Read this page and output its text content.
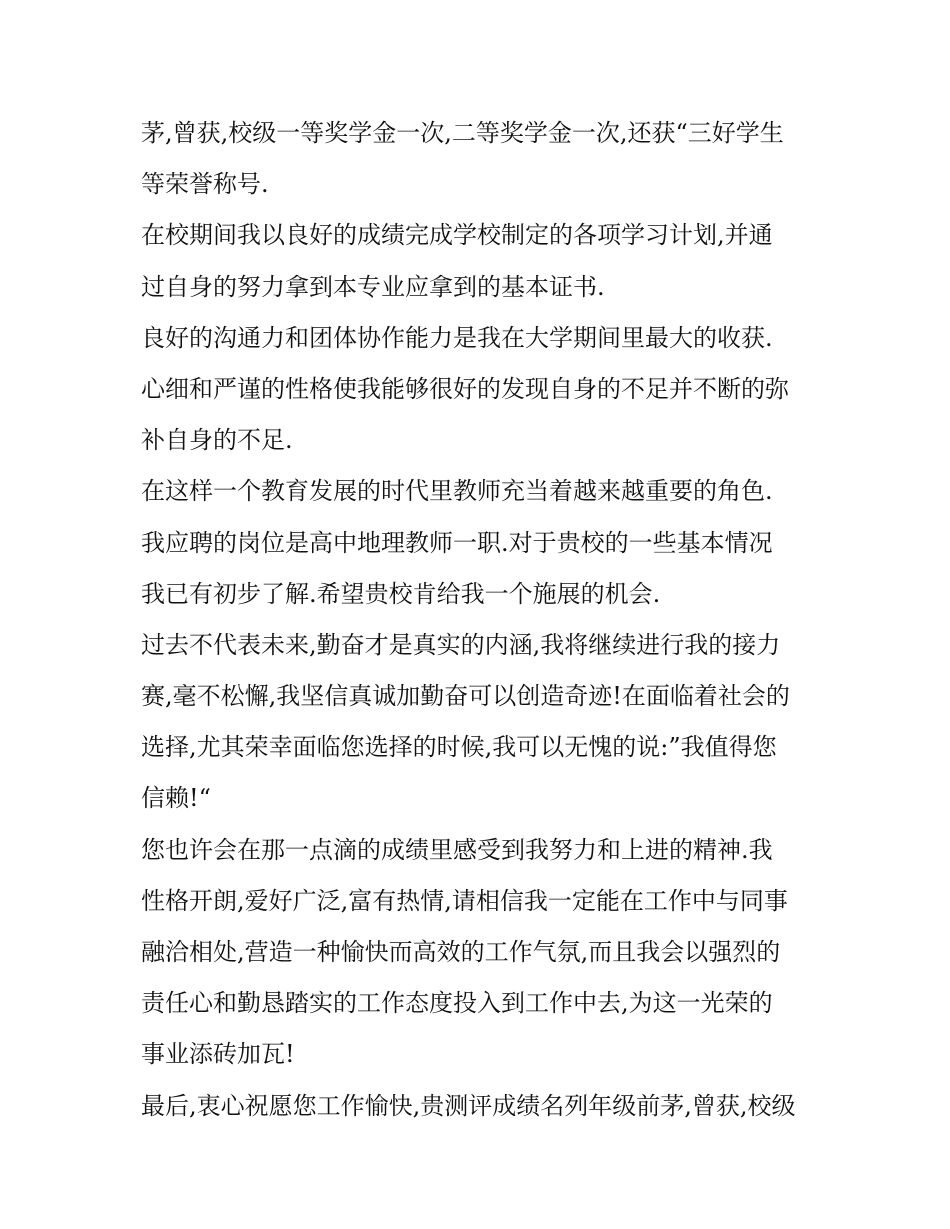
茅,曾获,校级一等奖学金一次,二等奖学金一次,还获“三好学生
等荣誉称号.
在校期间我以良好的成绩完成学校制定的各项学习计划,并通
过自身的努力拿到本专业应拿到的基本证书.
良好的沟通力和团体协作能力是我在大学期间里最大的收获.
心细和严谨的性格使我能够很好的发现自身的不足并不断的弥
补自身的不足.
在这样一个教育发展的时代里教师充当着越来越重要的角色.
我应聘的岗位是高中地理教师一职.对于贵校的一些基本情况
我已有初步了解.希望贵校肯给我一个施展的机会.
过去不代表未来,勤奋才是真实的内涵,我将继续进行我的接力
赛,毫不松懈,我坚信真诚加勤奋可以创造奇迹!在面临着社会的
选择,尤其荣幸面临您选择的时候,我可以无愧的说:”我值得您
信赖!“
您也许会在那一点滴的成绩里感受到我努力和上进的精神.我
性格开朗,爱好广泛,富有热情,请相信我一定能在工作中与同事
融洽相处,营造一种愉快而高效的工作气氛,而且我会以强烈的
责任心和勤恳踏实的工作态度投入到工作中去,为这一光荣的
事业添砖加瓦!
最后,衷心祝愿您工作愉快,贵测评成绩名列年级前茅,曾获,校级
